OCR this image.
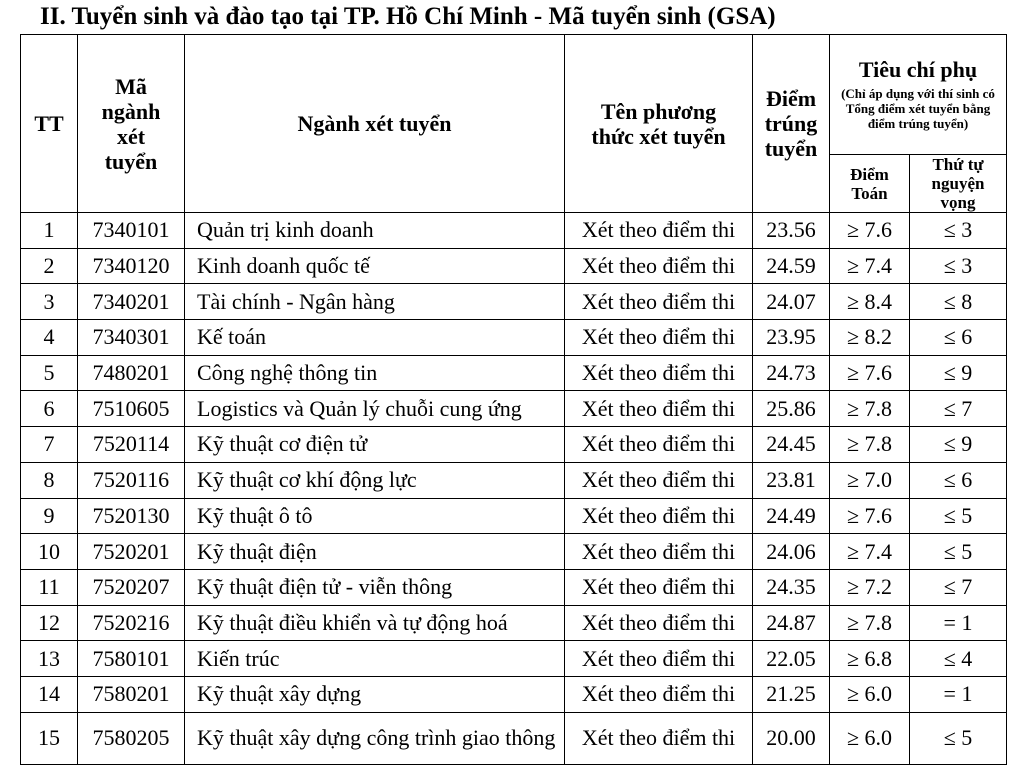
II. Tuyển sinh và đào tạo tại TP. Hồ Chí Minh - Mã tuyển sinh (GSA)
TT	Mã ngành xét tuyển	Ngành xét tuyển	Tên phương thức xét tuyển	Điểm trúng tuyển	Tiêu chí phụ
(Chỉ áp dụng với thí sinh có Tổng điểm xét tuyển bằng điểm trúng tuyển)	

					Điểm Toán	Thứ tự nguyện vọng

1	7340101	Quản trị kinh doanh	Xét theo điểm thi	23.56	≥ 7.6	≤ 3
2	7340120	Kinh doanh quốc tế	Xét theo điểm thi	24.59	≥ 7.4	≤ 3
3	7340201	Tài chính - Ngân hàng	Xét theo điểm thi	24.07	≥ 8.4	≤ 8
4	7340301	Kế toán	Xét theo điểm thi	23.95	≥ 8.2	≤ 6
5	7480201	Công nghệ thông tin	Xét theo điểm thi	24.73	≥ 7.6	≤ 9
6	7510605	Logistics và Quản lý chuỗi cung ứng	Xét theo điểm thi	25.86	≥ 7.8	≤ 7
7	7520114	Kỹ thuật cơ điện tử	Xét theo điểm thi	24.45	≥ 7.8	≤ 9
8	7520116	Kỹ thuật cơ khí động lực	Xét theo điểm thi	23.81	≥ 7.0	≤ 6
9	7520130	Kỹ thuật ô tô	Xét theo điểm thi	24.49	≥ 7.6	≤ 5
10	7520201	Kỹ thuật điện	Xét theo điểm thi	24.06	≥ 7.4	≤ 5
11	7520207	Kỹ thuật điện tử - viễn thông	Xét theo điểm thi	24.35	≥ 7.2	≤ 7
12	7520216	Kỹ thuật điều khiển và tự động hoá	Xét theo điểm thi	24.87	≥ 7.8	= 1
13	7580101	Kiến trúc	Xét theo điểm thi	22.05	≥ 6.8	≤ 4
14	7580201	Kỹ thuật xây dựng	Xét theo điểm thi	21.25	≥ 6.0	= 1
15	7580205	Kỹ thuật xây dựng công trình giao thông	Xét theo điểm thi	20.00	≥ 6.0	≤ 5
